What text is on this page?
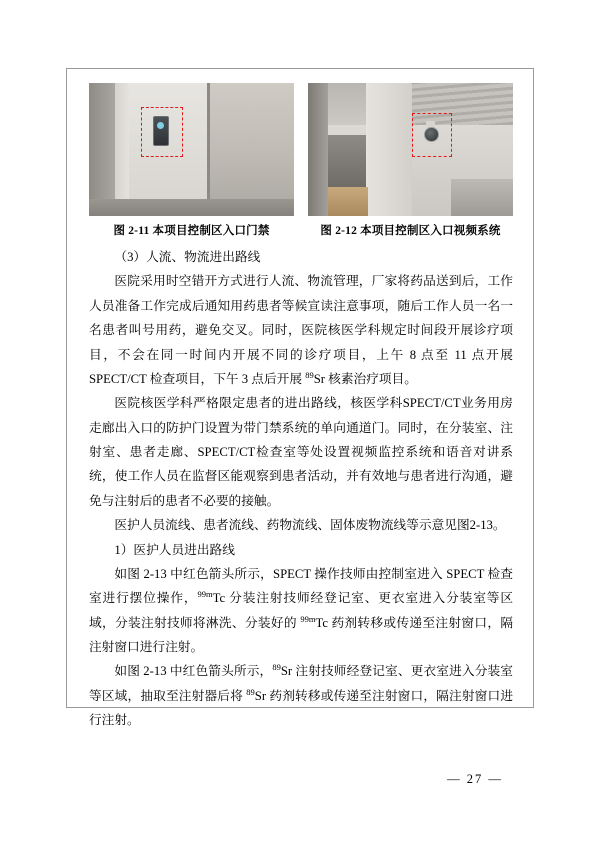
图 2-11 本项目控制区入口门禁	图 2-12 本项目控制区入口视频系统

（3）人流、物流进出路线

医院采用时空错开方式进行人流、物流管理，厂家将药品送到后，工作人员准备工作完成后通知用药患者等候宣读注意事项，随后工作人员一名一名患者叫号用药，避免交叉。同时，医院核医学科规定时间段开展诊疗项目，不会在同一时间内开展不同的诊疗项目，上午 8 点至 11 点开展 SPECT/CT 检查项目，下午 3 点后开展 $^{89}$Sr 核素治疗项目。

医院核医学科严格限定患者的进出路线，核医学科SPECT/CT业务用房走廊出入口的防护门设置为带门禁系统的单向通道门。同时，在分装室、注射室、患者走廊、SPECT/CT检查室等处设置视频监控系统和语音对讲系统，使工作人员在监督区能观察到患者活动，并有效地与患者进行沟通，避免与注射后的患者不必要的接触。

医护人员流线、患者流线、药物流线、固体废物流线等示意见图2-13。

1）医护人员进出路线

如图 2-13 中红色箭头所示，SPECT 操作技师由控制室进入 SPECT 检查室进行摆位操作，$^{99m}$Tc 分装注射技师经登记室、更衣室进入分装室等区域，分装注射技师将淋洗、分装好的 $^{99m}$Tc 药剂转移或传递至注射窗口，隔注射窗口进行注射。

如图 2-13 中红色箭头所示，$^{89}$Sr 注射技师经登记室、更衣室进入分装室等区域，抽取至注射器后将 $^{89}$Sr 药剂转移或传递至注射窗口，隔注射窗口进行注射。

— 27 —
